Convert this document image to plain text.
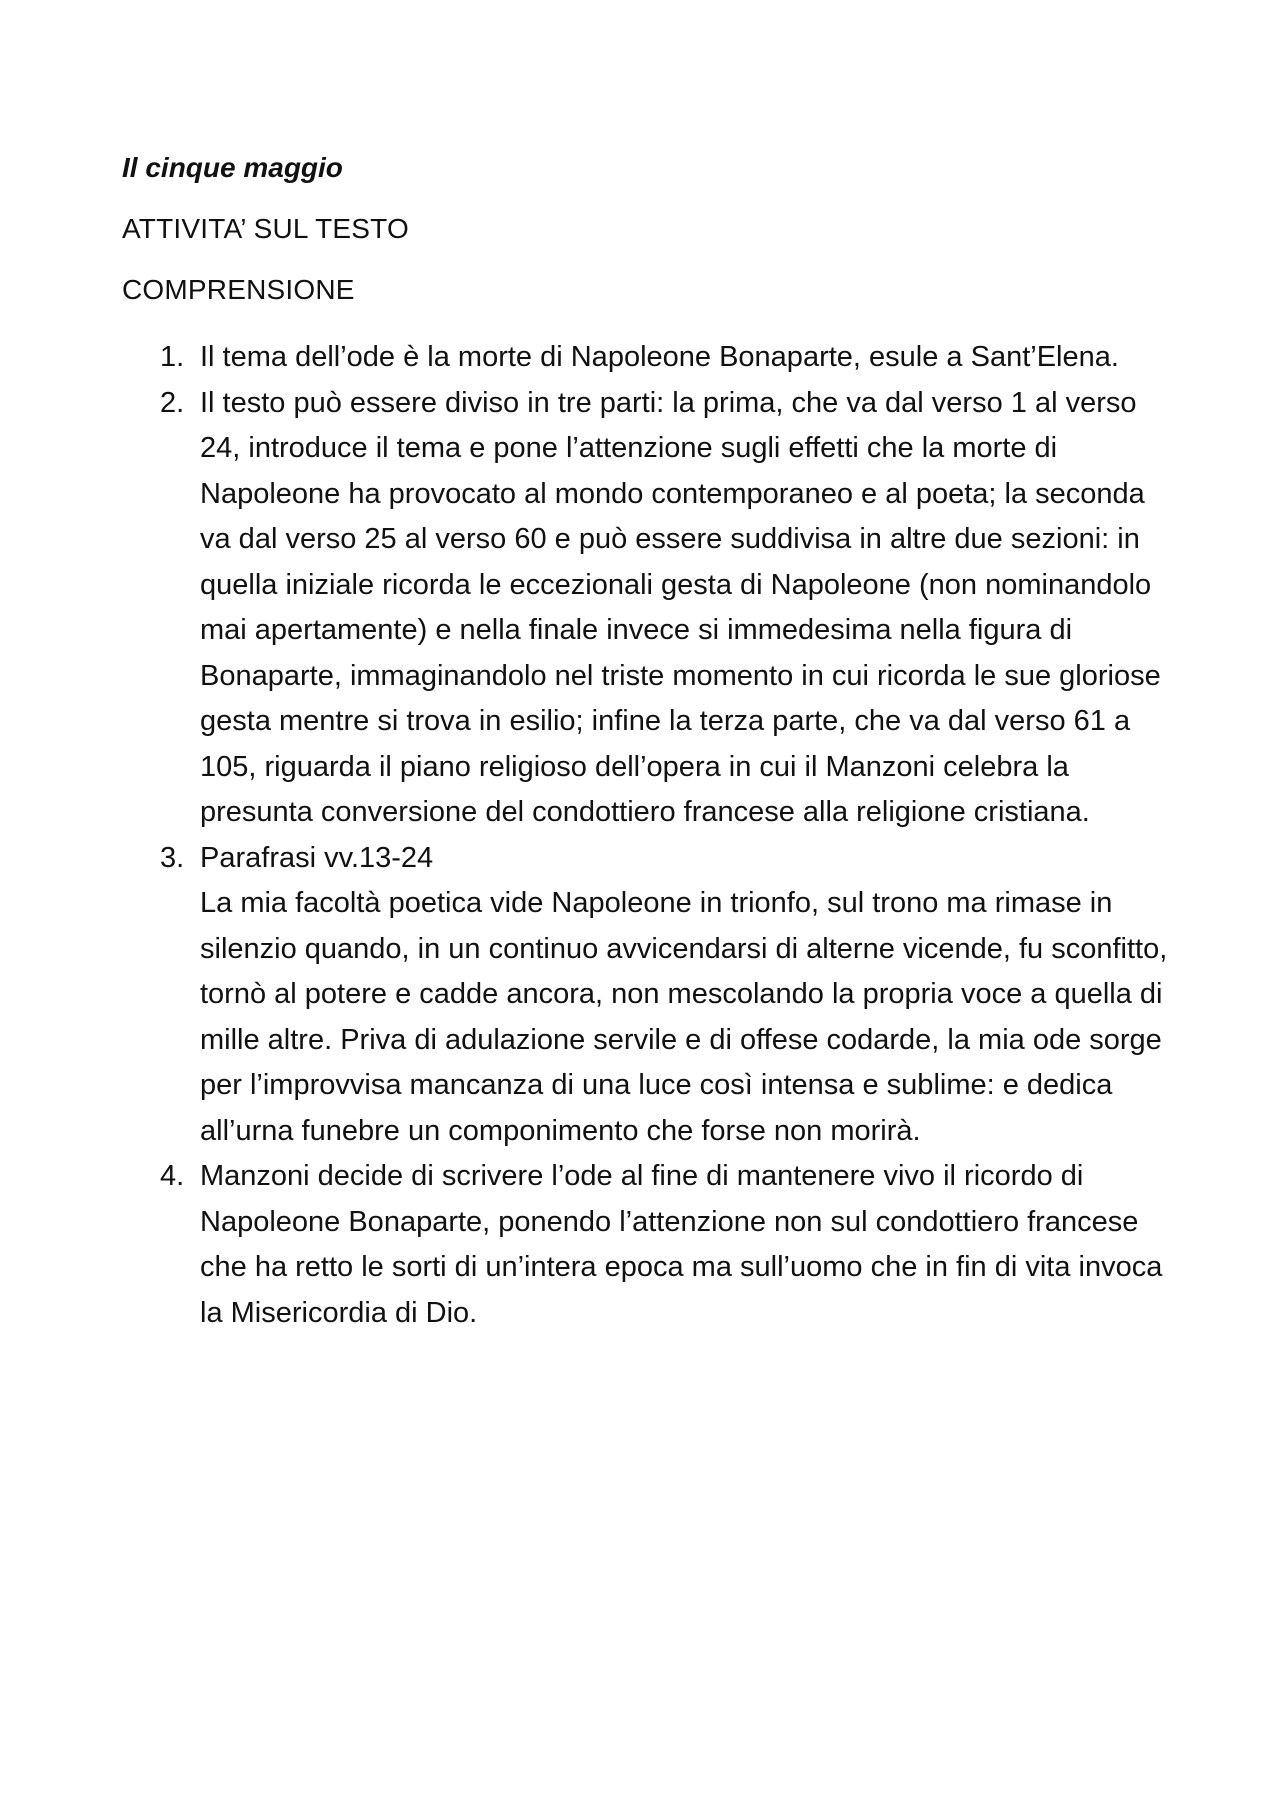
Il cinque maggio
ATTIVITA’ SUL TESTO
COMPRENSIONE
1. Il tema dell’ode è la morte di Napoleone Bonaparte, esule a Sant’Elena.
2. Il testo può essere diviso in tre parti: la prima, che va dal verso 1 al verso 24, introduce il tema e pone l’attenzione sugli effetti che la morte di Napoleone ha provocato al mondo contemporaneo e al poeta; la seconda va dal verso 25 al verso 60 e può essere suddivisa in altre due sezioni: in quella iniziale ricorda le eccezionali gesta di Napoleone (non nominandolo mai apertamente) e nella finale invece si immedesima nella figura di Bonaparte, immaginandolo nel triste momento in cui ricorda le sue gloriose gesta mentre si trova in esilio; infine la terza parte, che va dal verso 61 a 105, riguarda il piano religioso dell’opera in cui il Manzoni celebra la presunta conversione del condottiero francese alla religione cristiana.
3. Parafrasi vv.13-24
La mia facoltà poetica vide Napoleone in trionfo, sul trono ma rimase in silenzio quando, in un continuo avvicendarsi di alterne vicende, fu sconfitto, tornò al potere e cadde ancora, non mescolando la propria voce a quella di mille altre. Priva di adulazione servile e di offese codarde, la mia ode sorge per l’improvvisa mancanza di una luce così intensa e sublime: e dedica all’urna funebre un componimento che forse non morirà.
4. Manzoni decide di scrivere l’ode al fine di mantenere vivo il ricordo di Napoleone Bonaparte, ponendo l’attenzione non sul condottiero francese che ha retto le sorti di un’intera epoca ma sull’uomo che in fin di vita invoca la Misericordia di Dio.
